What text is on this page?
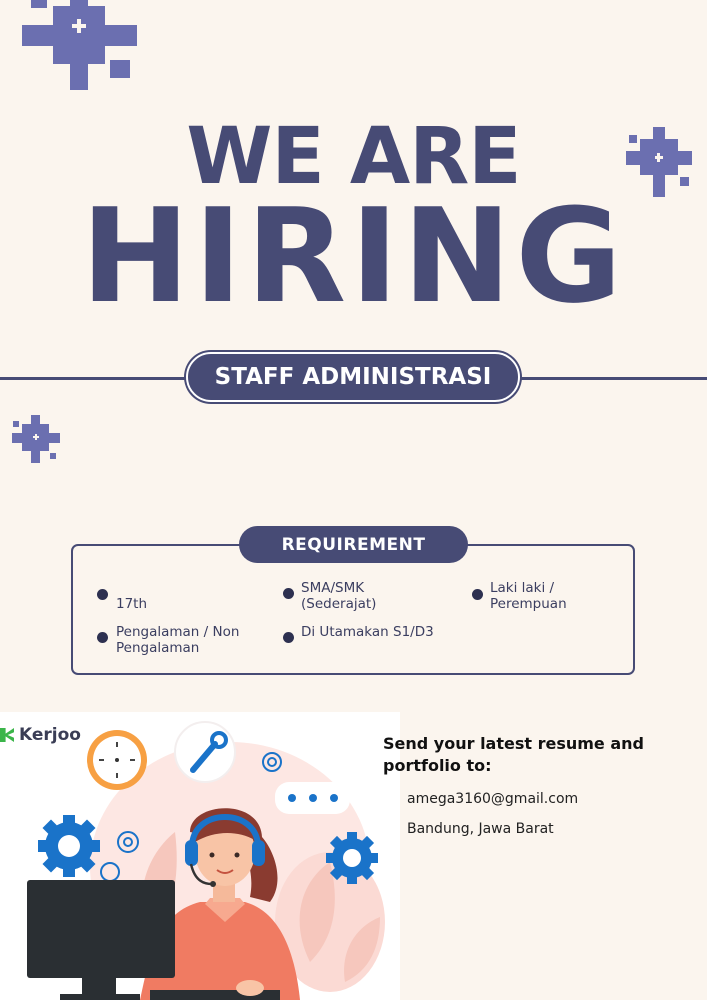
WE ARE
HIRING
STAFF ADMINISTRASI
REQUIREMENT
17th
SMA/SMK (Sederajat)
Laki laki / Perempuan
Pengalaman / Non Pengalaman
Di Utamakan S1/D3
Kerjoo	Send your latest resume and portfolio to:
amega3160@gmail.com
Bandung, Jawa Barat
